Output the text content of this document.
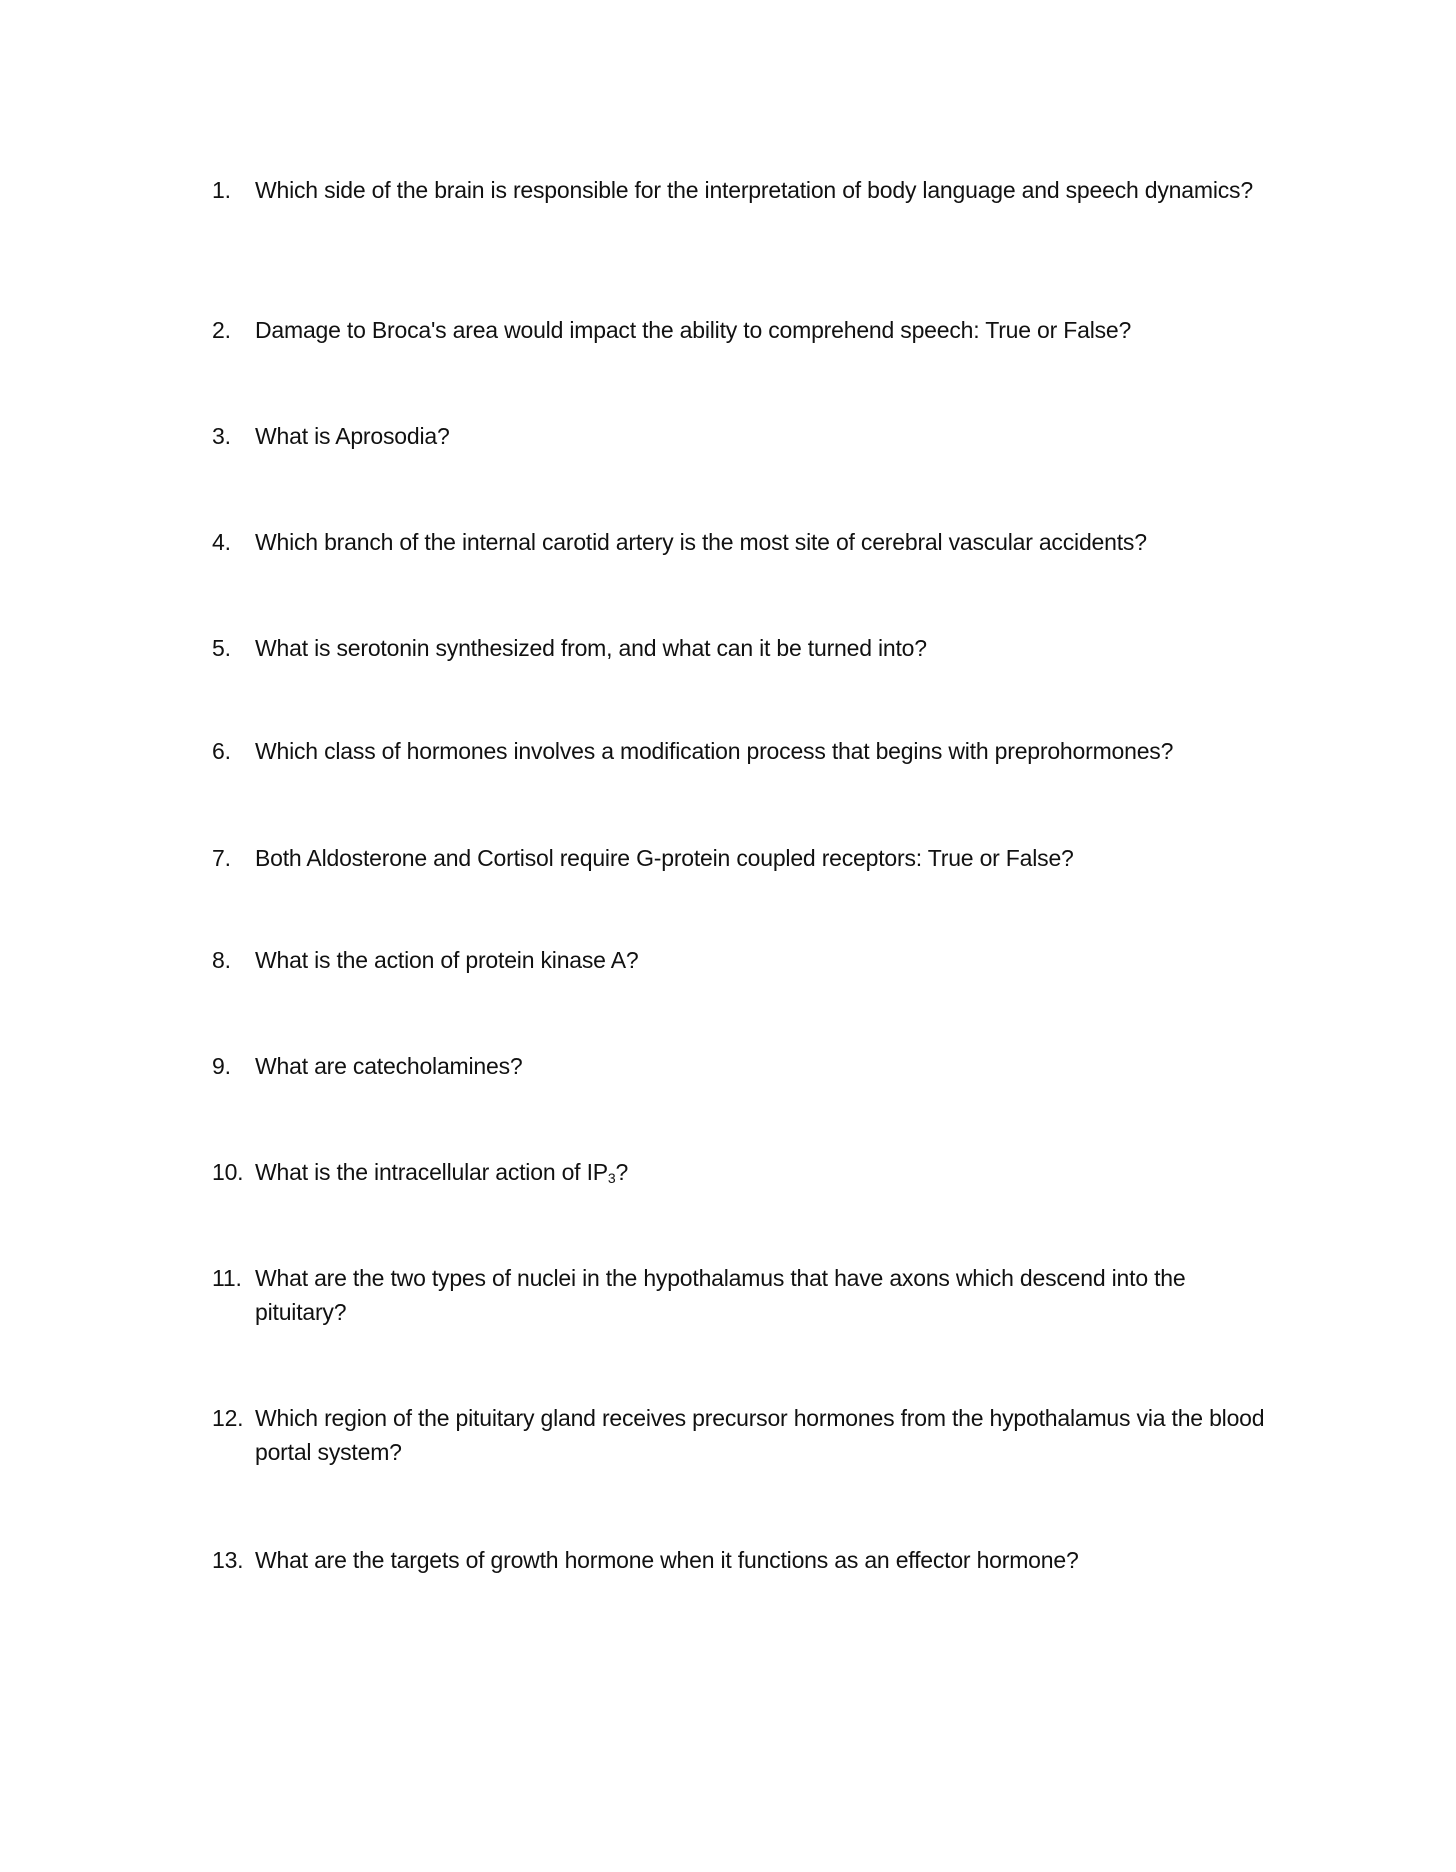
1.	Which side of the brain is responsible for the interpretation of body language and speech dynamics?
2.	Damage to Broca's area would impact the ability to comprehend speech: True or False?
3.	What is Aprosodia?
4.	Which branch of the internal carotid artery is the most site of cerebral vascular accidents?
5.	What is serotonin synthesized from, and what can it be turned into?
6.	Which class of hormones involves a modification process that begins with preprohormones?
7.	Both Aldosterone and Cortisol require G-protein coupled receptors: True or False?
8.	What is the action of protein kinase A?
9.	What are catecholamines?
10. What is the intracellular action of $IP_3$?
11. What are the two types of nuclei in the hypothalamus that have axons which descend into the pituitary?
12. Which region of the pituitary gland receives precursor hormones from the hypothalamus via the blood portal system?
13. What are the targets of growth hormone when it functions as an effector hormone?
